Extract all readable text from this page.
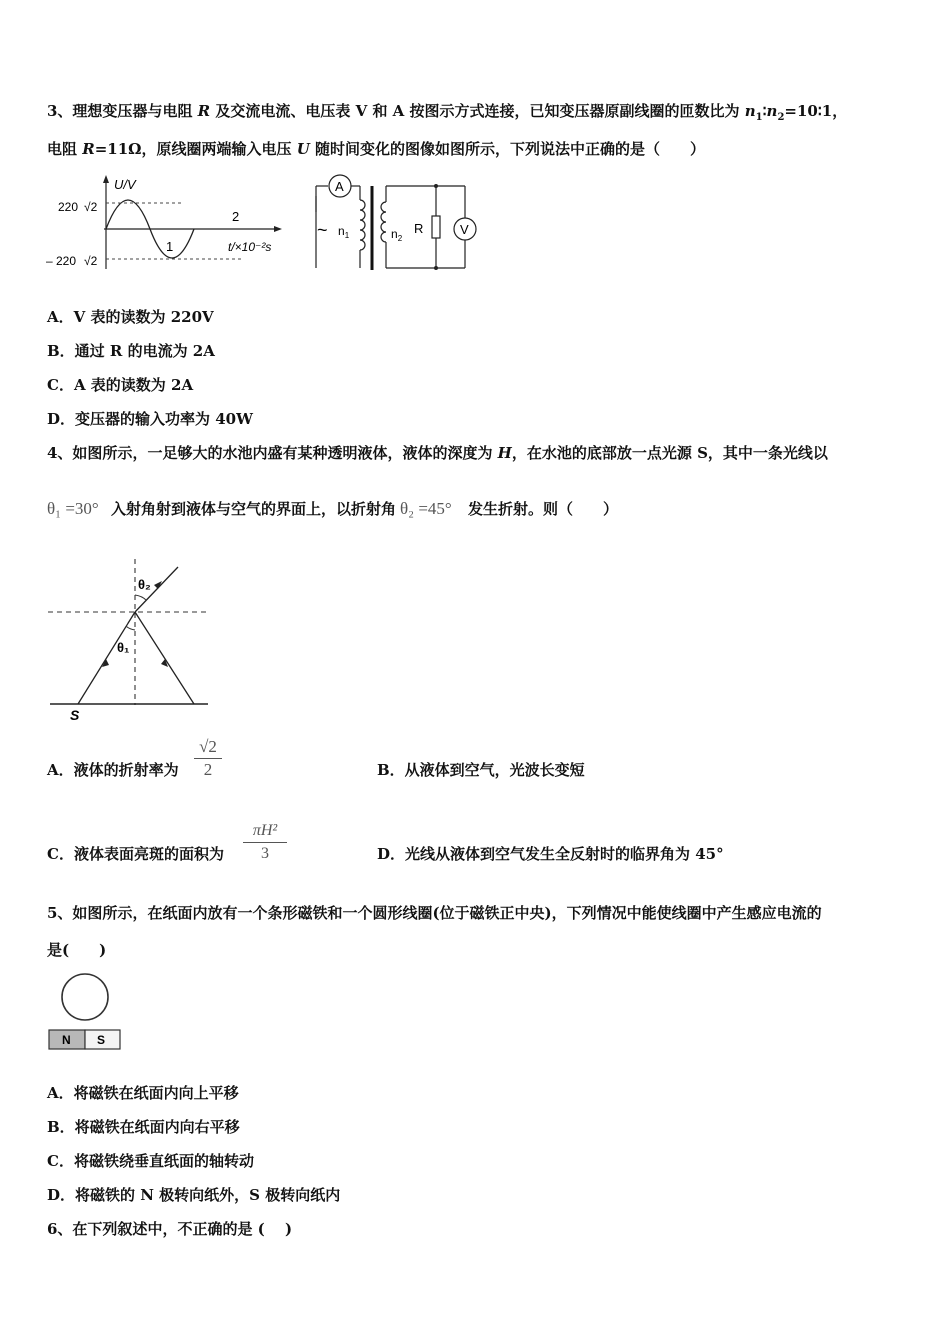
3、理想变压器与电阻 R 及交流电流、电压表 V 和 A 按图示方式连接，已知变压器原副线圈的匝数比为 $n_1∶n_2=10∶1$，
电阻 R=11Ω，原线圈两端输入电压 U 随时间变化的图像如图所示，下列说法中正确的是（　　）
U/V
220 √2
– 220 √2
1
2
t/×10⁻²s
A
~ $n_1$	$n_2$
R	V
A．V 表的读数为 220V
B．通过 R 的电流为 2A
C．A 表的读数为 2A
D．变压器的输入功率为 40W
4、如图所示，一足够大的水池内盛有某种透明液体，液体的深度为 H，在水池的底部放一点光源 S，其中一条光线以
θ₁ =30° 入射角射到液体与空气的界面上，以折射角 θ₂ =45° 发生折射。则（　　）
S
θ₁
θ₂
A．液体的折射率为 $\frac{√2}{2}$	B．从液体到空气，光波长变短
C．液体表面亮斑的面积为 $\frac{\text{πH²}}{3}$	D．光线从液体到空气发生全反射时的临界角为 45°
5、如图所示，在纸面内放有一个条形磁铁和一个圆形线圈(位于磁铁正中央)，下列情况中能使线圈中产生感应电流的
是(　　)
N S
A．将磁铁在纸面内向上平移
B．将磁铁在纸面内向右平移
C．将磁铁绕垂直纸面的轴转动
D．将磁铁的 N 极转向纸外，S 极转向纸内
6、在下列叙述中，不正确的是 (　 )
